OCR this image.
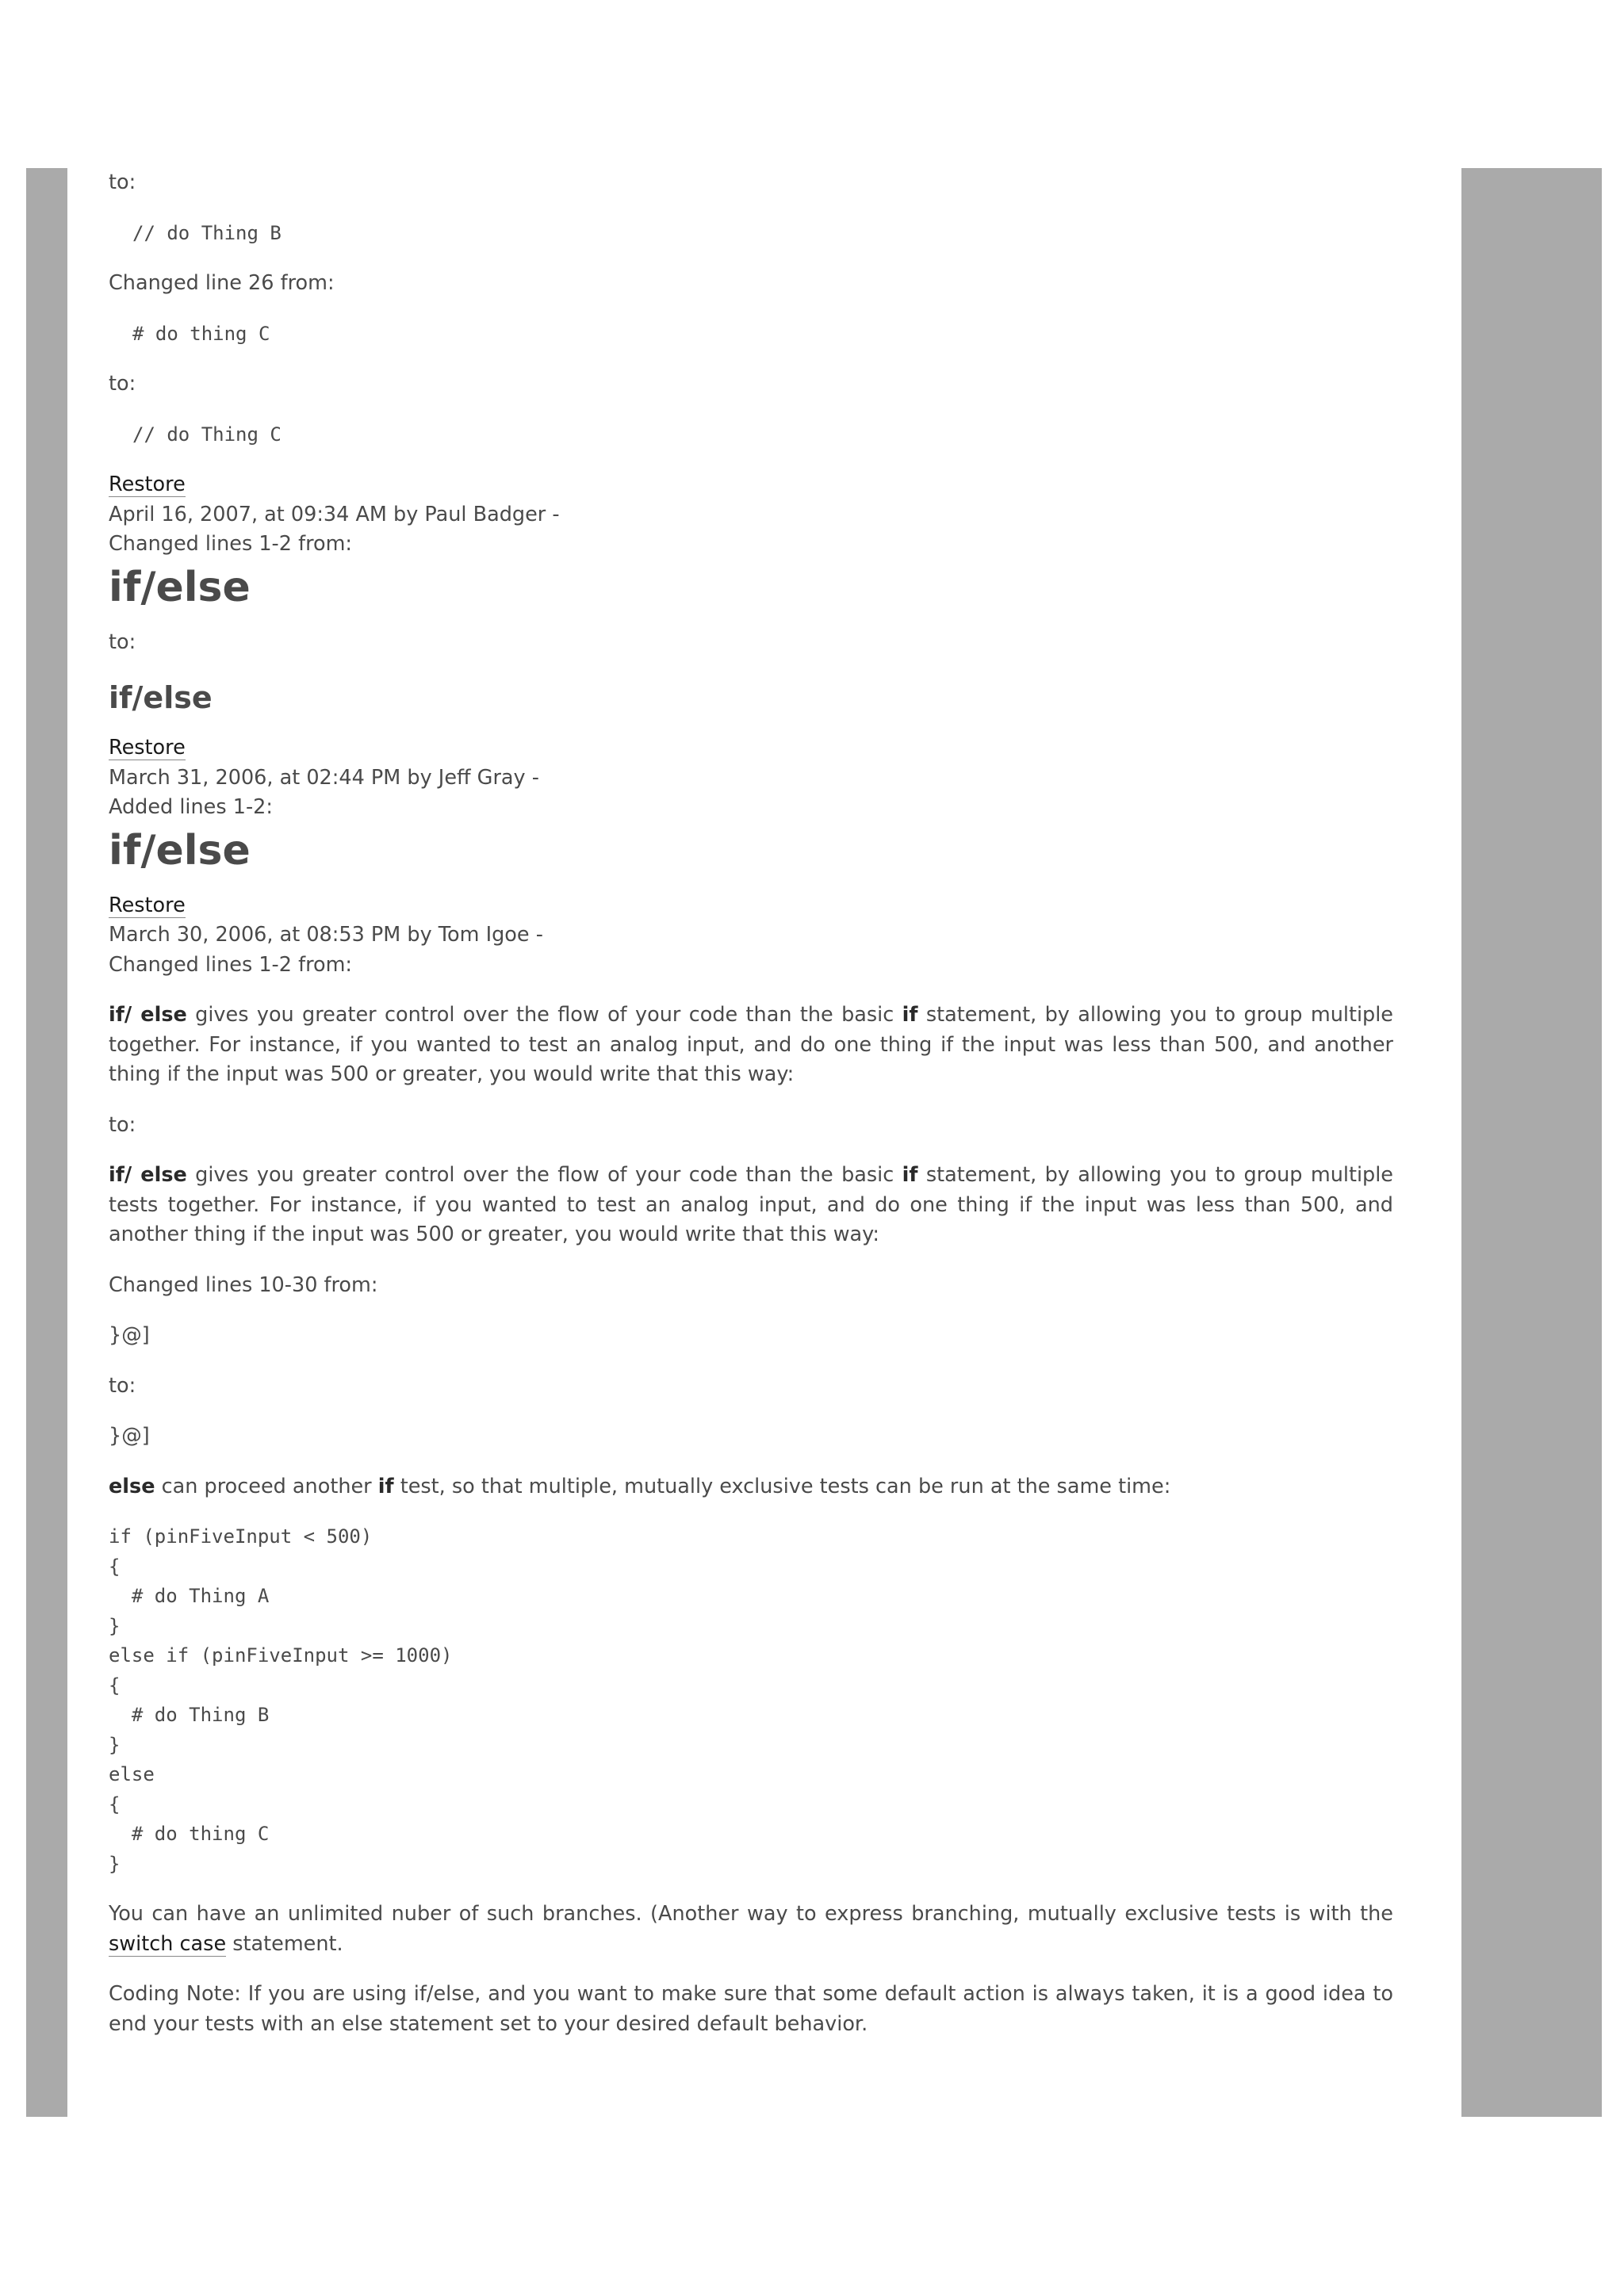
to:
// do Thing B
Changed line 26 from:
# do thing C
to:
// do Thing C
Restore
April 16, 2007, at 09:34 AM by Paul Badger -
Changed lines 1-2 from:
if/else
to:
if/else
Restore
March 31, 2006, at 02:44 PM by Jeff Gray -
Added lines 1-2:
if/else
Restore
March 30, 2006, at 08:53 PM by Tom Igoe -
Changed lines 1-2 from:
if/ else gives you greater control over the flow of your code than the basic if statement, by allowing you to group multiple together. For instance, if you wanted to test an analog input, and do one thing if the input was less than 500, and another thing if the input was 500 or greater, you would write that this way:
to:
if/ else gives you greater control over the flow of your code than the basic if statement, by allowing you to group multiple tests together. For instance, if you wanted to test an analog input, and do one thing if the input was less than 500, and another thing if the input was 500 or greater, you would write that this way:
Changed lines 10-30 from:
}@]
to:
}@]
else can proceed another if test, so that multiple, mutually exclusive tests can be run at the same time:
if (pinFiveInput < 500)
{
# do Thing A
}
else if (pinFiveInput >= 1000)
{
# do Thing B
}
else
{
# do thing C
}
You can have an unlimited nuber of such branches. (Another way to express branching, mutually exclusive tests is with the switch case statement.
Coding Note: If you are using if/else, and you want to make sure that some default action is always taken, it is a good idea to end your tests with an else statement set to your desired default behavior.
